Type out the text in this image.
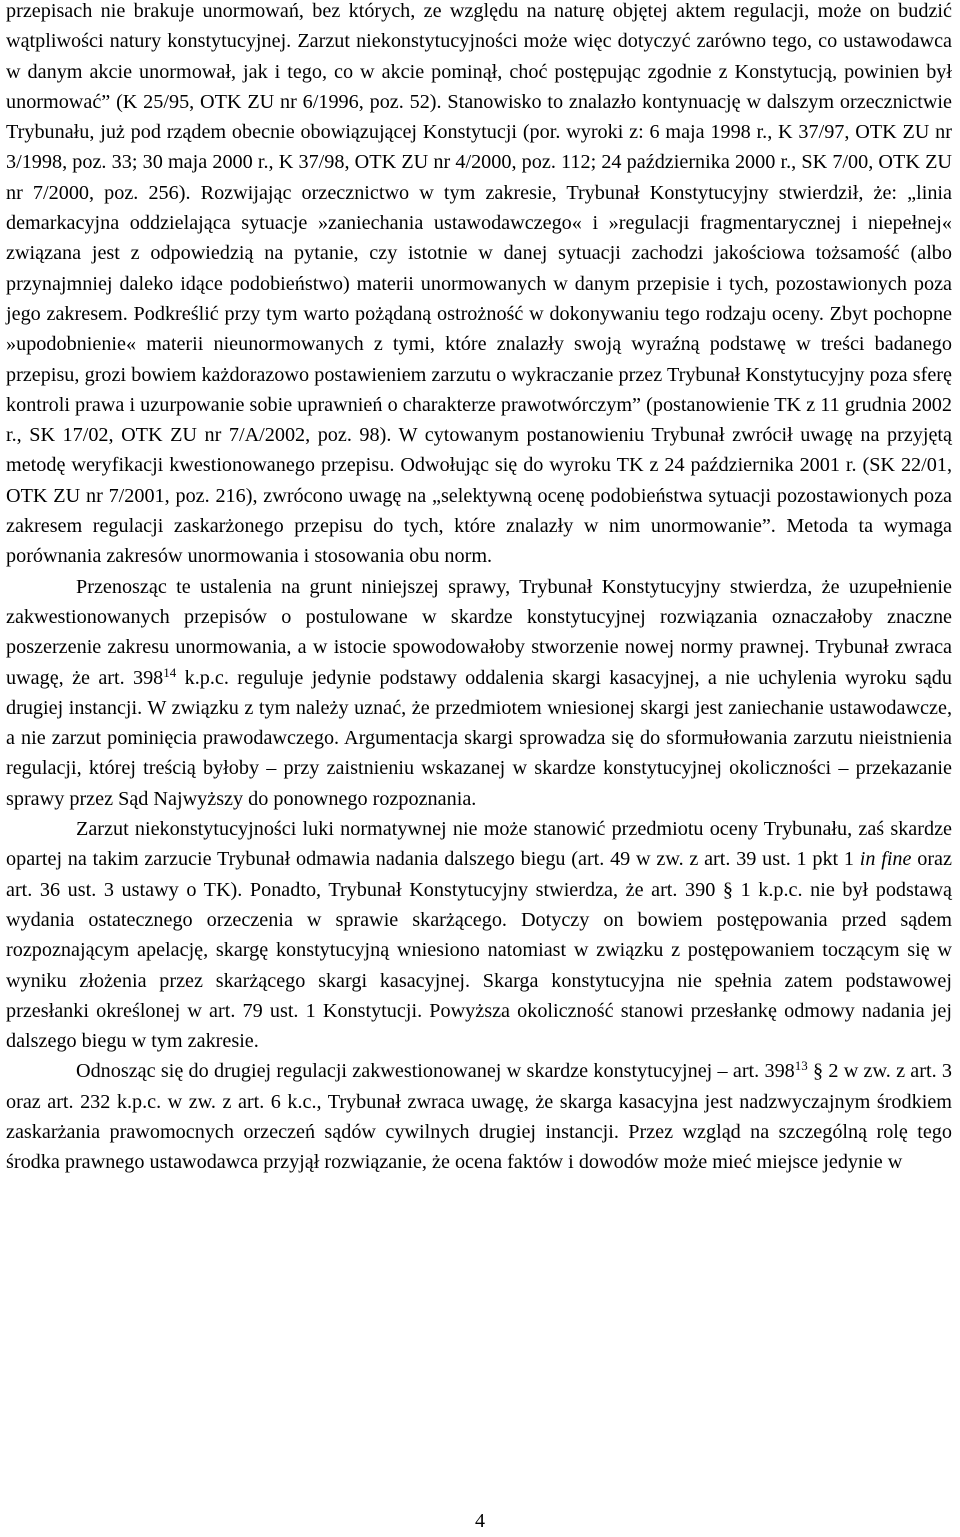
przepisach nie brakuje unormowań, bez których, ze względu na naturę objętej aktem regulacji, może on budzić wątpliwości natury konstytucyjnej. Zarzut niekonstytucyjności może więc dotyczyć zarówno tego, co ustawodawca w danym akcie unormował, jak i tego, co w akcie pominął, choć postępując zgodnie z Konstytucją, powinien był unormować” (K 25/95, OTK ZU nr 6/1996, poz. 52). Stanowisko to znalazło kontynuację w dalszym orzecznictwie Trybunału, już pod rządem obecnie obowiązującej Konstytucji (por. wyroki z: 6 maja 1998 r., K 37/97, OTK ZU nr 3/1998, poz. 33; 30 maja 2000 r., K 37/98, OTK ZU nr 4/2000, poz. 112; 24 października 2000 r., SK 7/00, OTK ZU nr 7/2000, poz. 256). Rozwijając orzecznictwo w tym zakresie, Trybunał Konstytucyjny stwierdził, że: „linia demarkacyjna oddzielająca sytuacje »zaniechania ustawodawczego« i »regulacji fragmentarycznej i niepełnej« związana jest z odpowiedzią na pytanie, czy istotnie w danej sytuacji zachodzi jakościowa tożsamość (albo przynajmniej daleko idące podobieństwo) materii unormowanych w danym przepisie i tych, pozostawionych poza jego zakresem. Podkreślić przy tym warto pożądaną ostrożność w dokonywaniu tego rodzaju oceny. Zbyt pochopne »upodobnienie« materii nieunormowanych z tymi, które znalazły swoją wyraźną podstawę w treści badanego przepisu, grozi bowiem każdorazowo postawieniem zarzutu o wykraczanie przez Trybunał Konstytucyjny poza sferę kontroli prawa i uzurpowanie sobie uprawnień o charakterze prawotwórczym” (postanowienie TK z 11 grudnia 2002 r., SK 17/02, OTK ZU nr 7/A/2002, poz. 98). W cytowanym postanowieniu Trybunał zwrócił uwagę na przyjętą metodę weryfikacji kwestionowanego przepisu. Odwołując się do wyroku TK z 24 października 2001 r. (SK 22/01, OTK ZU nr 7/2001, poz. 216), zwrócono uwagę na „selektywną ocenę podobieństwa sytuacji pozostawionych poza zakresem regulacji zaskarżonego przepisu do tych, które znalazły w nim unormowanie”. Metoda ta wymaga porównania zakresów unormowania i stosowania obu norm.

Przenosząc te ustalenia na grunt niniejszej sprawy, Trybunał Konstytucyjny stwierdza, że uzupełnienie zakwestionowanych przepisów o postulowane w skardze konstytucyjnej rozwiązania oznaczałoby znaczne poszerzenie zakresu unormowania, a w istocie spowodowałoby stworzenie nowej normy prawnej. Trybunał zwraca uwagę, że art. $398^{14}$ k.p.c. reguluje jedynie podstawy oddalenia skargi kasacyjnej, a nie uchylenia wyroku sądu drugiej instancji. W związku z tym należy uznać, że przedmiotem wniesionej skargi jest zaniechanie ustawodawcze, a nie zarzut pominięcia prawodawczego. Argumentacja skargi sprowadza się do sformułowania zarzutu nieistnienia regulacji, której treścią byłoby – przy zaistnieniu wskazanej w skardze konstytucyjnej okoliczności – przekazanie sprawy przez Sąd Najwyższy do ponownego rozpoznania.

Zarzut niekonstytucyjności luki normatywnej nie może stanowić przedmiotu oceny Trybunału, zaś skardze opartej na takim zarzucie Trybunał odmawia nadania dalszego biegu (art. 49 w zw. z art. 39 ust. 1 pkt 1 in fine oraz art. 36 ust. 3 ustawy o TK). Ponadto, Trybunał Konstytucyjny stwierdza, że art. 390 § 1 k.p.c. nie był podstawą wydania ostatecznego orzeczenia w sprawie skarżącego. Dotyczy on bowiem postępowania przed sądem rozpoznającym apelację, skargę konstytucyjną wniesiono natomiast w związku z postępowaniem toczącym się w wyniku złożenia przez skarżącego skargi kasacyjnej. Skarga konstytucyjna nie spełnia zatem podstawowej przesłanki określonej w art. 79 ust. 1 Konstytucji. Powyższa okoliczność stanowi przesłankę odmowy nadania jej dalszego biegu w tym zakresie.

Odnosząc się do drugiej regulacji zakwestionowanej w skardze konstytucyjnej – art. $398^{13}$ § 2 w zw. z art. 3 oraz art. 232 k.p.c. w zw. z art. 6 k.c., Trybunał zwraca uwagę, że skarga kasacyjna jest nadzwyczajnym środkiem zaskarżania prawomocnych orzeczeń sądów cywilnych drugiej instancji. Przez wzgląd na szczególną rolę tego środka prawnego ustawodawca przyjął rozwiązanie, że ocena faktów i dowodów może mieć miejsce jedynie w

4
